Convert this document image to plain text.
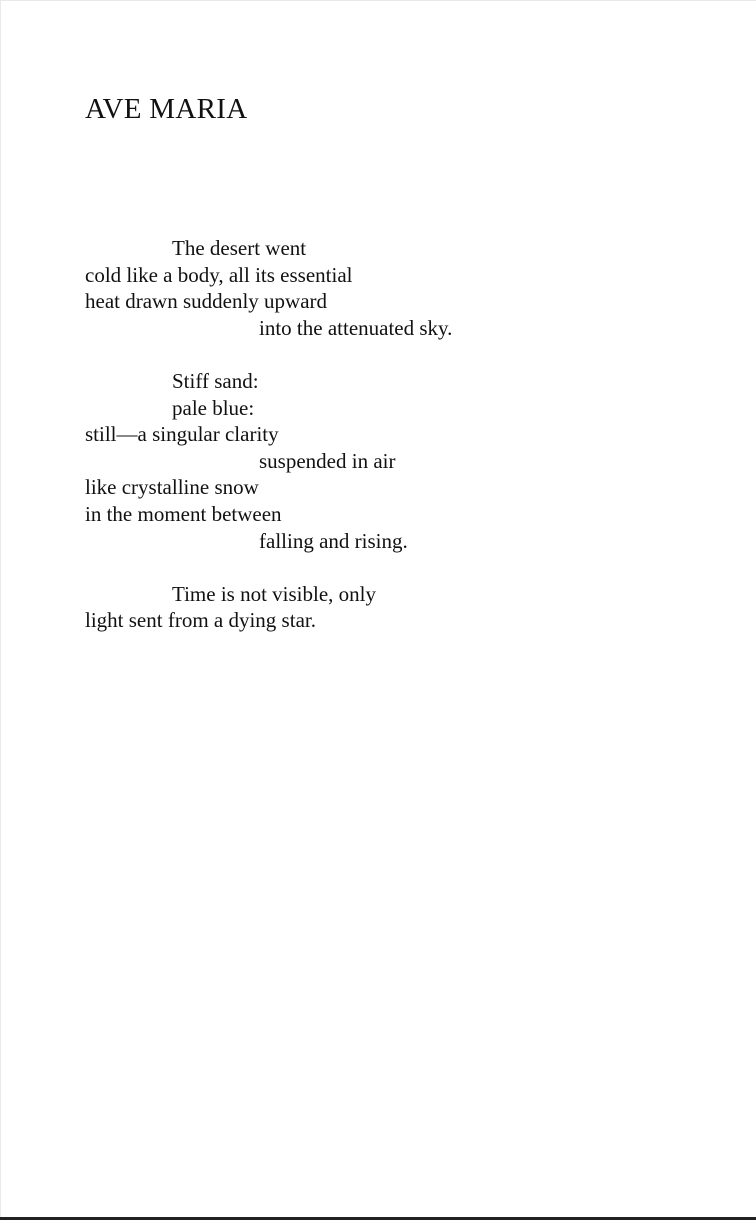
AVE MARIA
The desert went
cold like a body, all its essential
heat drawn suddenly upward
into the attenuated sky.
Stiff sand:
pale blue:
still—a singular clarity
suspended in air
like crystalline snow
in the moment between
falling and rising.
Time is not visible, only
light sent from a dying star.
